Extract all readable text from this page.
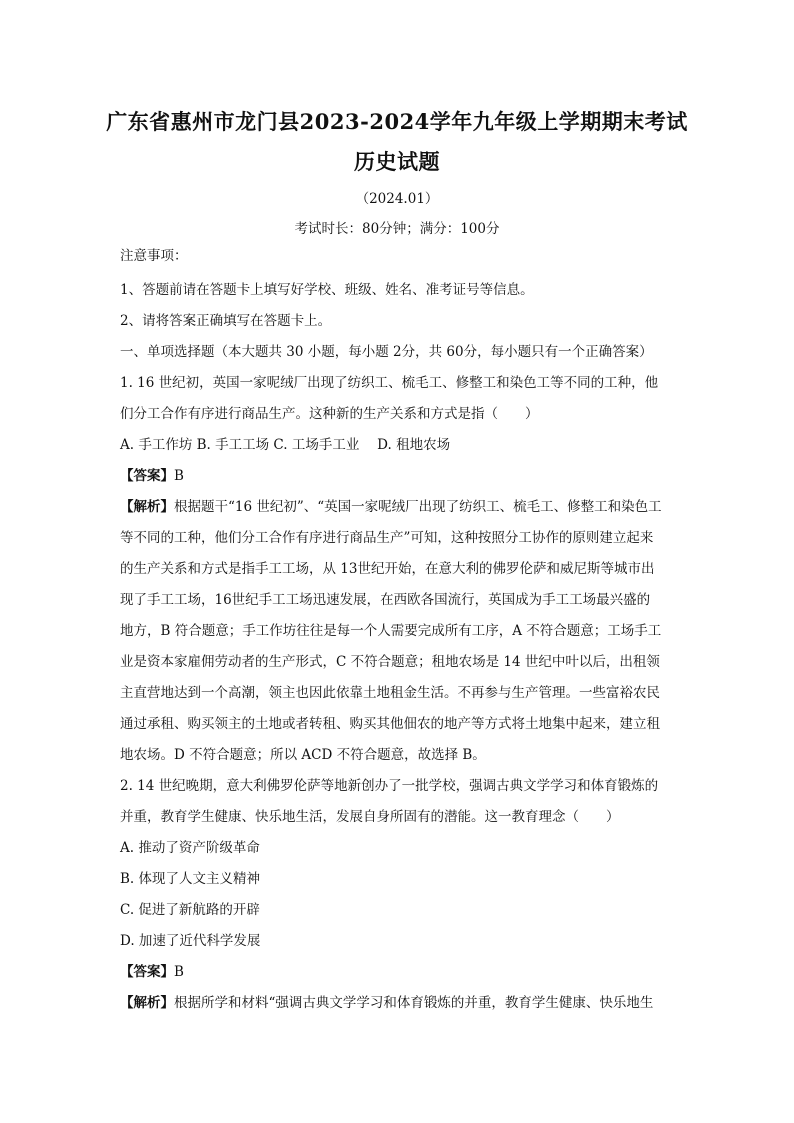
广东省惠州市龙门县2023-2024学年九年级上学期期末考试
历史试题
（2024.01）
考试时长：80分钟；满分：100分
注意事项：
1、答题前请在答题卡上填写好学校、班级、姓名、准考证号等信息。
2、请将答案正确填写在答题卡上。
一、单项选择题（本大题共 30 小题，每小题 2分，共 60分，每小题只有一个正确答案）
1. 16 世纪初，英国一家呢绒厂出现了纺织工、梳毛工、修整工和染色工等不同的工种，他
们分工合作有序进行商品生产。这种新的生产关系和方式是指（　　）
A. 手工作坊 B. 手工工场 C. 工场手工业　 D. 租地农场
【答案】B
【解析】根据题干“16 世纪初”、“英国一家呢绒厂出现了纺织工、梳毛工、修整工和染色工
等不同的工种，他们分工合作有序进行商品生产”可知，这种按照分工协作的原则建立起来
的生产关系和方式是指手工工场，从 13世纪开始，在意大利的佛罗伦萨和威尼斯等城市出
现了手工工场，16世纪手工工场迅速发展，在西欧各国流行，英国成为手工工场最兴盛的
地方，B 符合题意；手工作坊往往是每一个人需要完成所有工序，A 不符合题意；工场手工
业是资本家雇佣劳动者的生产形式，C 不符合题意；租地农场是 14 世纪中叶以后，出租领
主直营地达到一个高潮，领主也因此依靠土地租金生活。不再参与生产管理。一些富裕农民
通过承租、购买领主的土地或者转租、购买其他佃农的地产等方式将土地集中起来，建立租
地农场。D 不符合题意；所以 ACD 不符合题意，故选择 B。
2. 14 世纪晚期，意大利佛罗伦萨等地新创办了一批学校，强调古典文学学习和体育锻炼的
并重，教育学生健康、快乐地生活，发展自身所固有的潜能。这一教育理念（　　）
A. 推动了资产阶级革命
B. 体现了人文主义精神
C. 促进了新航路的开辟
D. 加速了近代科学发展
【答案】B
【解析】根据所学和材料“强调古典文学学习和体育锻炼的并重，教育学生健康、快乐地生
